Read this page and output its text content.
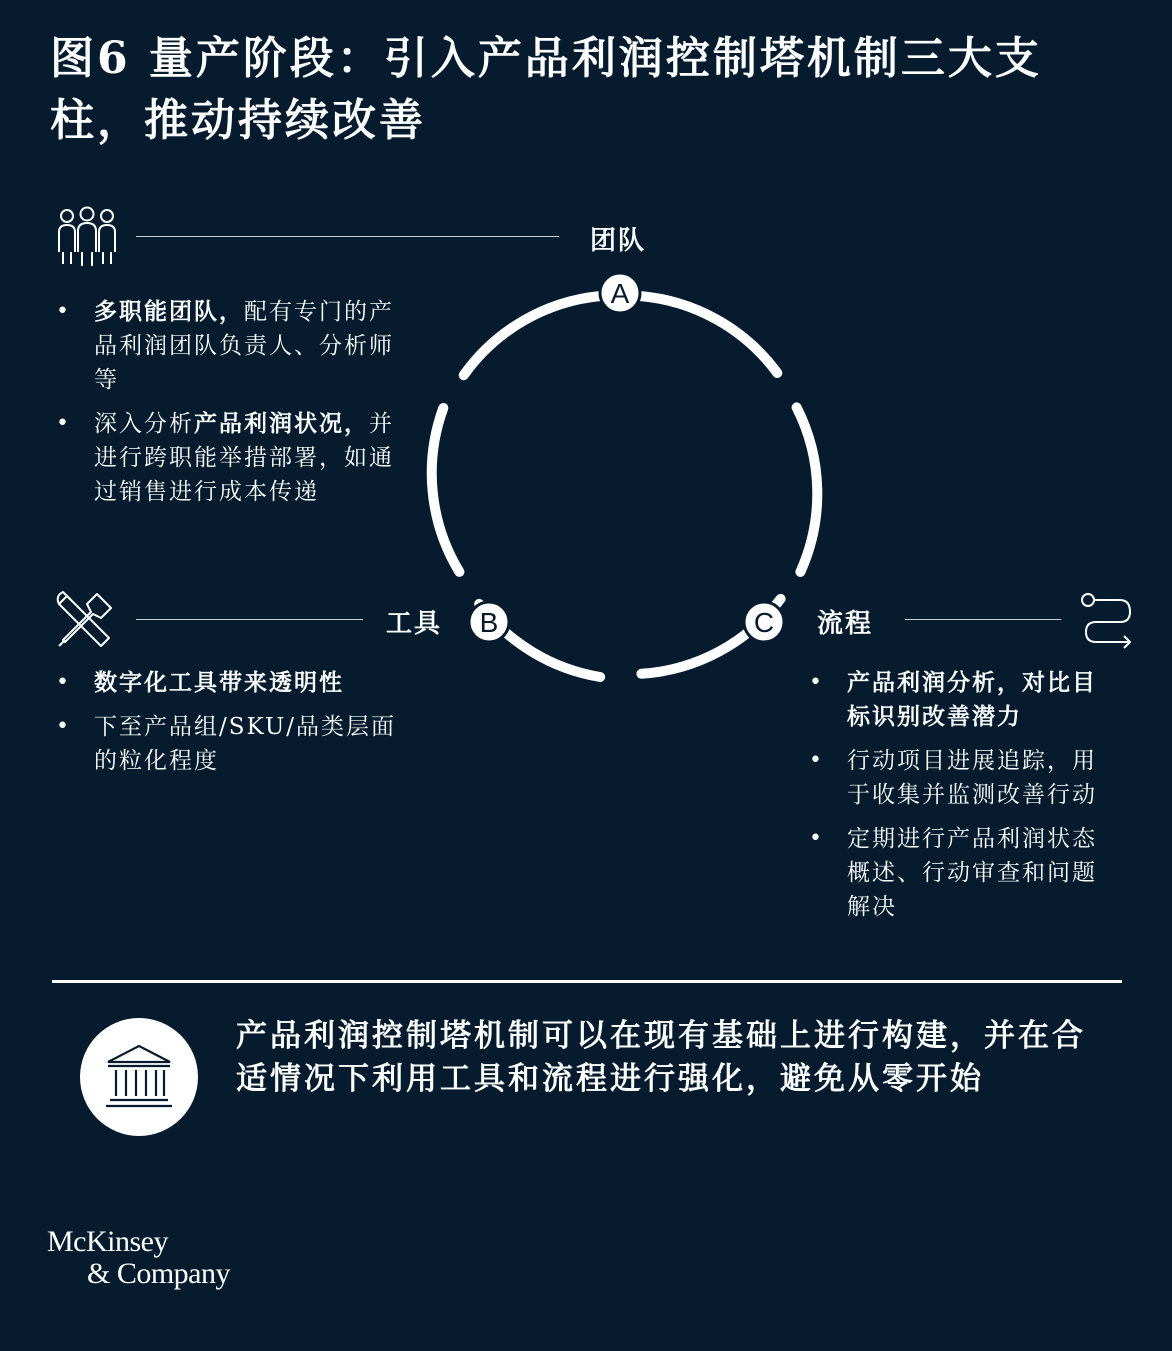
图6 量产阶段：引入产品利润控制塔机制三大支柱，推动持续改善
团队
• 多职能团队，配有专门的产品利润团队负责人、分析师等
• 深入分析产品利润状况，并进行跨职能举措部署，如通过销售进行成本传递
A
B	C
工具
• 数字化工具带来透明性
• 下至产品组/SKU/品类层面的粒化程度
流程
• 产品利润分析，对比目标识别改善潜力
• 行动项目进展追踪，用于收集并监测改善行动
• 定期进行产品利润状态概述、行动审查和问题解决
产品利润控制塔机制可以在现有基础上进行构建，并在合适情况下利用工具和流程进行强化，避免从零开始
McKinsey
& Company
